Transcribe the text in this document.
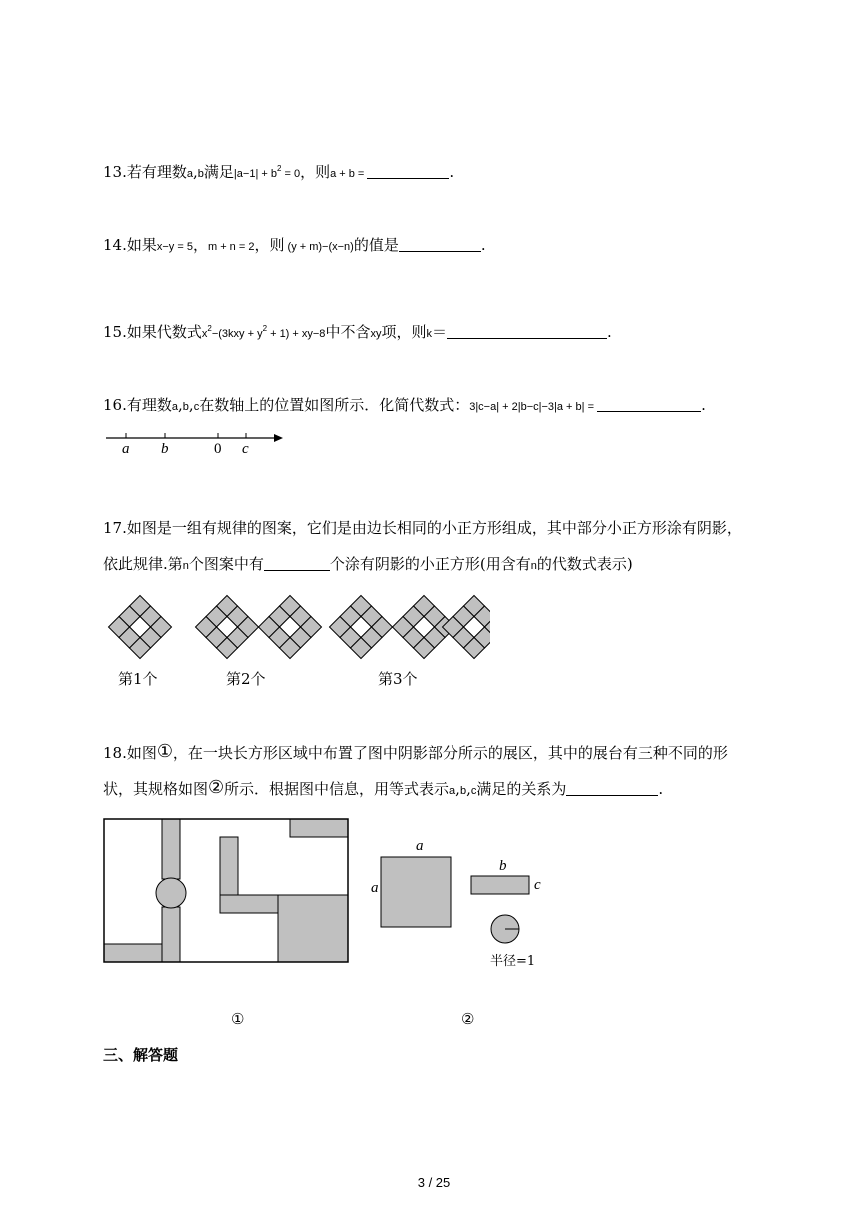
13.若有理数a,b满足$|a-1| + b^2 = 0$，则a + b =	.
14.如果x−y = 5，m + n = 2，则 (y + m)−(x−n)的值是	.
15.如果代数式$x^2-(3kxy + y^2 + 1) + xy-8$中不含xy项，则k＝	.
16.有理数a,b,c在数轴上的位置如图所示．化简代数式：3|c−a| + 2|b−c|−3|a + b| =	.
a b	0 c
17.如图是一组有规律的图案，它们是由边长相同的小正方形组成，其中部分小正方形涂有阴影，
依此规律.第n个图案中有	个涂有阴影的小正方形(用含有n的代数式表示)
第1个	第2个	第3个
18.如图①，在一块长方形区域中布置了图中阴影部分所示的展区，其中的展台有三种不同的形
状，其规格如图②所示．根据图中信息，用等式表示a,b,c满足的关系为	.
a
a
b
c
半径=1
①	②
三、解答题
3 / 25
